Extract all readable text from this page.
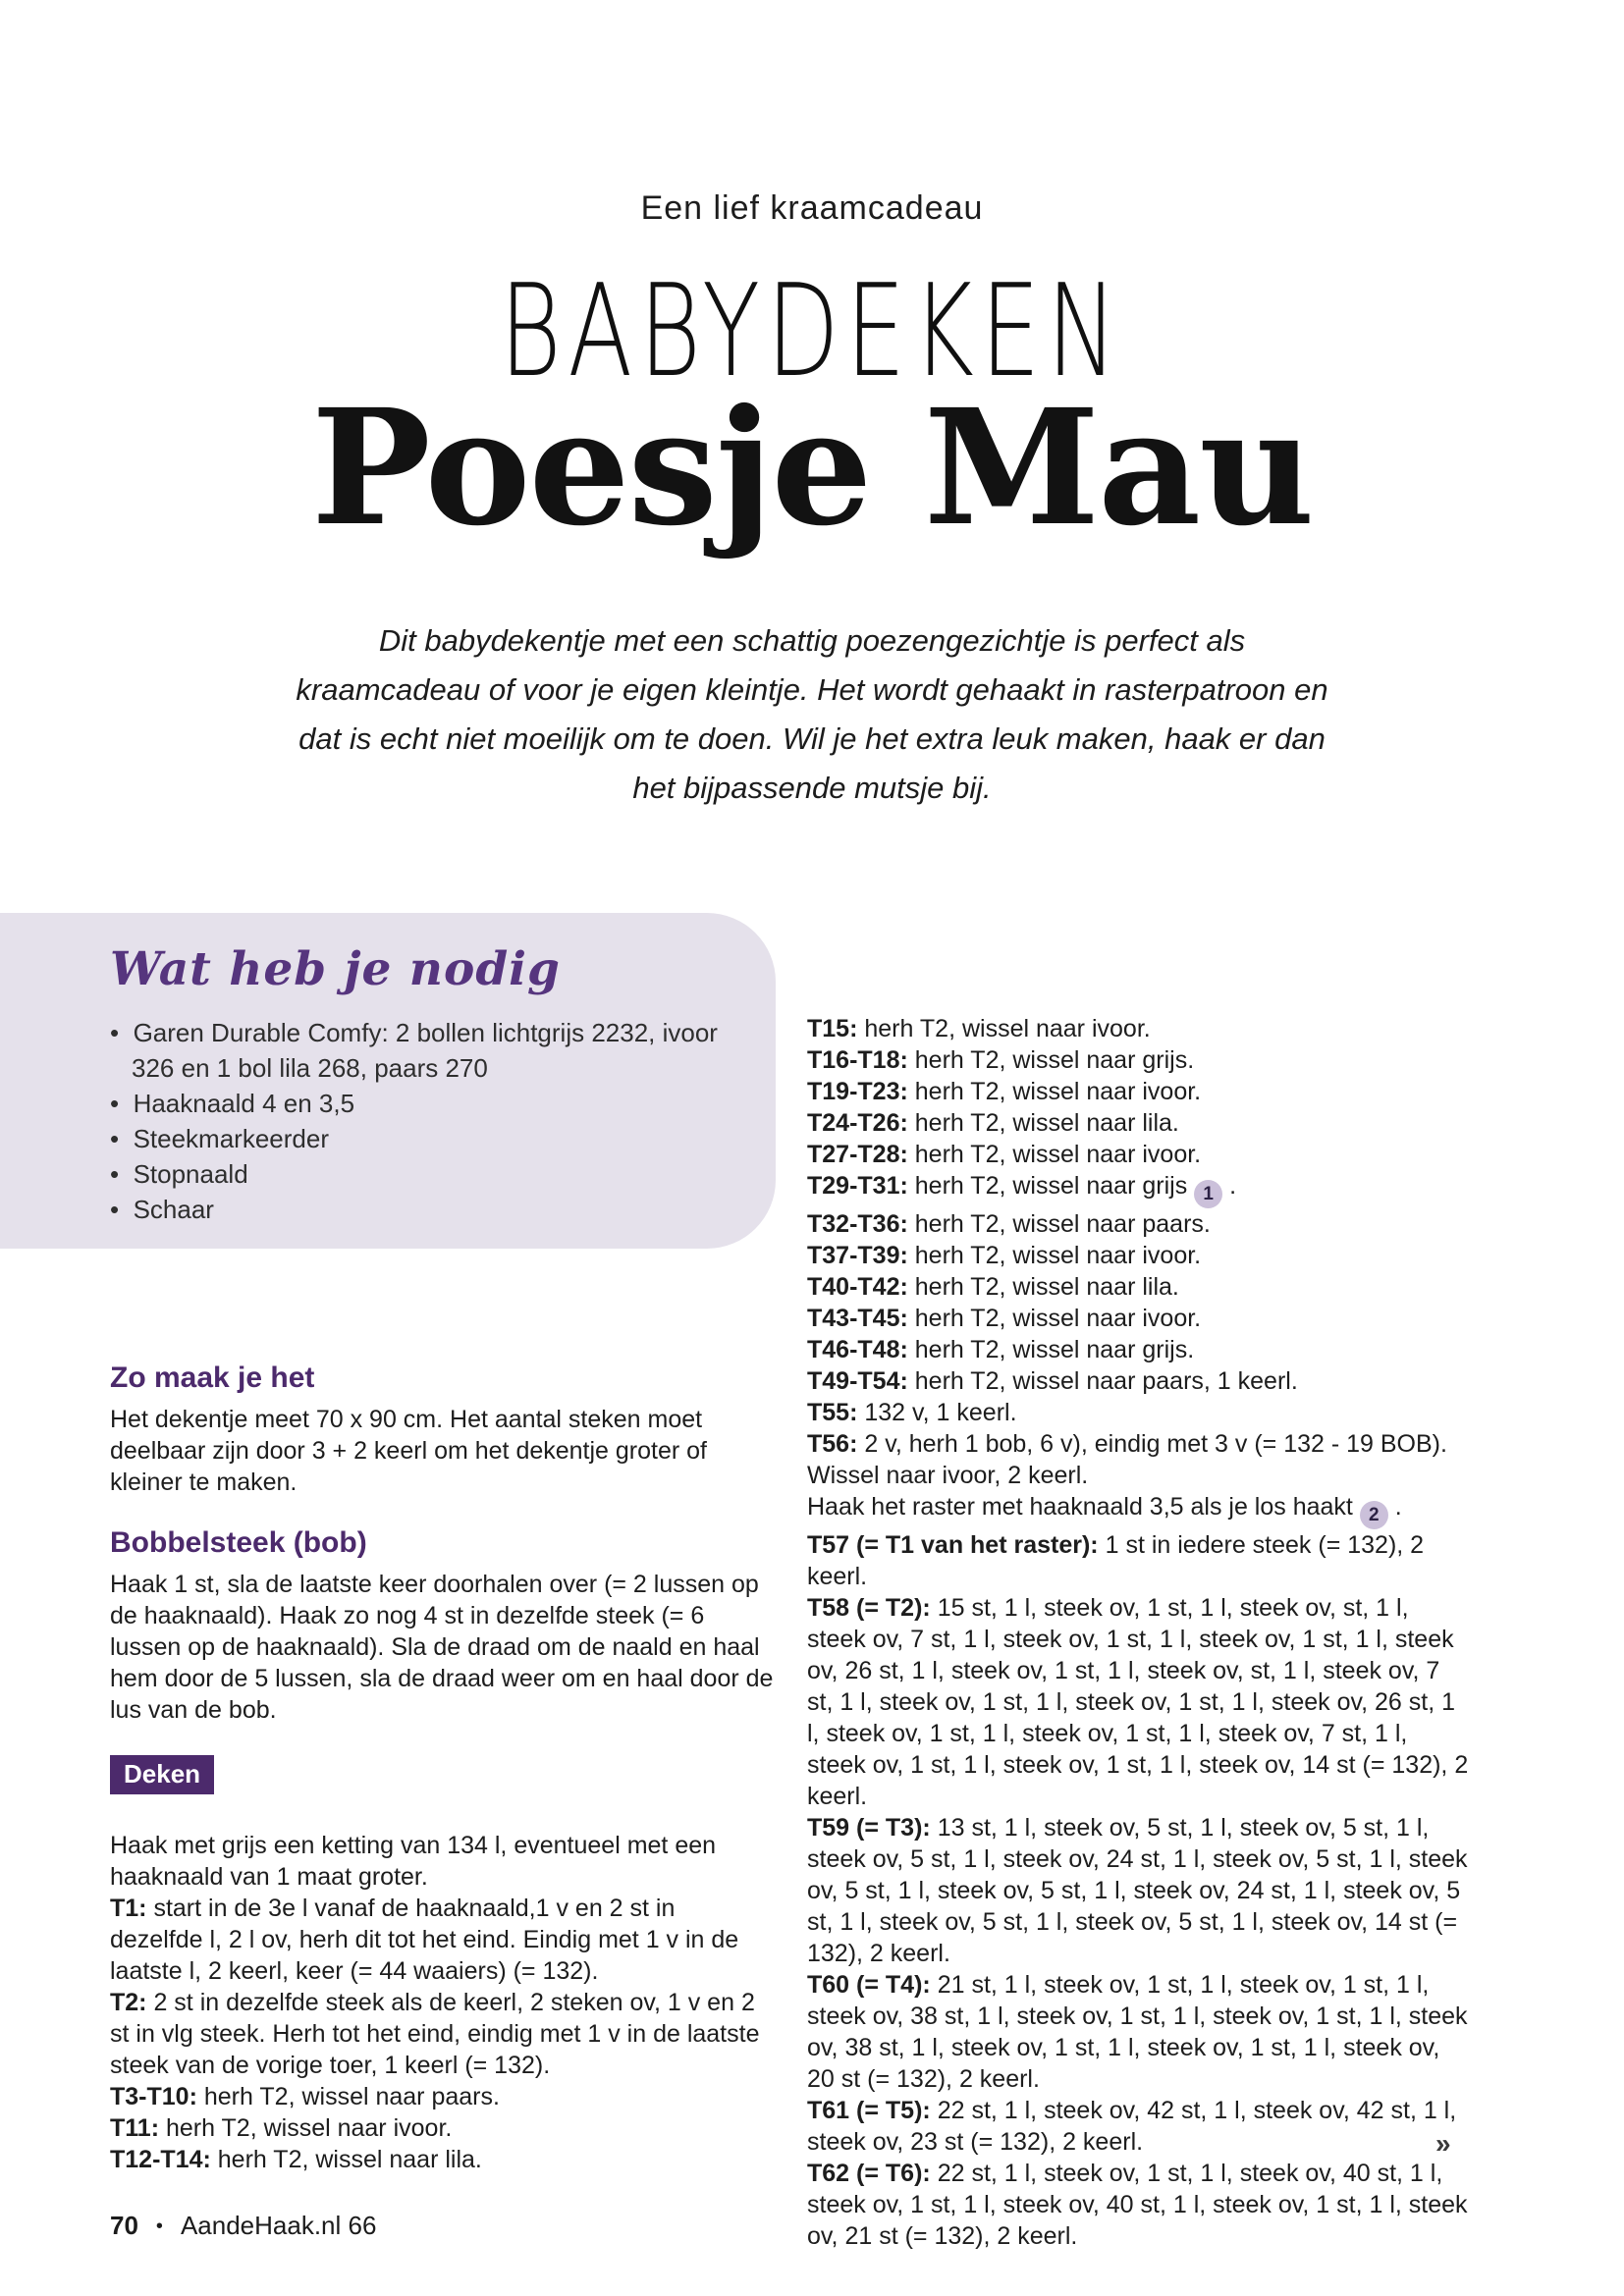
Een lief kraamcadeau
BABYDEKEN
Poesje Mau
Dit babydekentje met een schattig poezengezichtje is perfect als kraamcadeau of voor je eigen kleintje. Het wordt gehaakt in rasterpatroon en dat is echt niet moeilijk om te doen. Wil je het extra leuk maken, haak er dan het bijpassende mutsje bij.
Wat heb je nodig
•  Garen Durable Comfy: 2 bollen lichtgrijs 2232, ivoor 326 en 1 bol lila 268, paars 270
•  Haaknaald 4 en 3,5
•  Steekmarkeerder
•  Stopnaald
•  Schaar
Zo maak je het

Het dekentje meet 70 x 90 cm. Het aantal steken moet deelbaar zijn door 3 + 2 keerl om het dekentje groter of kleiner te maken.

Bobbelsteek (bob)

Haak 1 st, sla de laatste keer doorhalen over (= 2 lussen op de haaknaald). Haak zo nog 4 st in dezelfde steek (= 6 lussen op de haaknaald). Sla de draad om de naald en haal hem door de 5 lussen, sla de draad weer om en haal door de lus van de bob.

Deken

Haak met grijs een ketting van 134 l, eventueel met een haaknaald van 1 maat groter.

T1: start in de 3e l vanaf de haaknaald,1 v en 2 st in dezelfde l, 2 l ov, herh dit tot het eind. Eindig met 1 v in de laatste l, 2 keerl, keer (= 44 waaiers) (= 132).

T2: 2 st in dezelfde steek als de keerl, 2 steken ov, 1 v en 2 st in vlg steek. Herh tot het eind, eindig met 1 v in de laatste steek van de vorige toer, 1 keerl (= 132).

T3-T10: herh T2, wissel naar paars.

T11: herh T2, wissel naar ivoor.

T12-T14: herh T2, wissel naar lila.

T15: herh T2, wissel naar ivoor.

T16-T18: herh T2, wissel naar grijs.

T19-T23: herh T2, wissel naar ivoor.

T24-T26: herh T2, wissel naar lila.

T27-T28: herh T2, wissel naar ivoor.

T29-T31: herh T2, wissel naar grijs 1 .

T32-T36: herh T2, wissel naar paars.

T37-T39: herh T2, wissel naar ivoor.

T40-T42: herh T2, wissel naar lila.

T43-T45: herh T2, wissel naar ivoor.

T46-T48: herh T2, wissel naar grijs.

T49-T54: herh T2, wissel naar paars, 1 keerl.

T55: 132 v, 1 keerl.

T56: 2 v, herh 1 bob, 6 v), eindig met 3 v (= 132 - 19 BOB). Wissel naar ivoor, 2 keerl.

Haak het raster met haaknaald 3,5 als je los haakt 2 .

T57 (= T1 van het raster): 1 st in iedere steek (= 132), 2 keerl.

T58 (= T2): 15 st, 1 l, steek ov, 1 st, 1 l, steek ov, st, 1 l, steek ov, 7 st, 1 l, steek ov, 1 st, 1 l, steek ov, 1 st, 1 l, steek ov, 26 st, 1 l, steek ov, 1 st, 1 l, steek ov, st, 1 l, steek ov, 7 st, 1 l, steek ov, 1 st, 1 l, steek ov, 1 st, 1 l, steek ov, 26 st, 1 l, steek ov, 1 st, 1 l, steek ov, 1 st, 1 l, steek ov, 7 st, 1 l, steek ov, 1 st, 1 l, steek ov, 1 st, 1 l, steek ov, 14 st (= 132), 2 keerl.

T59 (= T3): 13 st, 1 l, steek ov, 5 st, 1 l, steek ov, 5 st, 1 l, steek ov, 5 st, 1 l, steek ov, 24 st, 1 l, steek ov, 5 st, 1 l, steek ov, 5 st, 1 l, steek ov, 5 st, 1 l, steek ov, 24 st, 1 l, steek ov, 5 st, 1 l, steek ov, 5 st, 1 l, steek ov, 5 st, 1 l, steek ov, 14 st (= 132), 2 keerl.

T60 (= T4): 21 st, 1 l, steek ov, 1 st, 1 l, steek ov, 1 st, 1 l, steek ov, 38 st, 1 l, steek ov, 1 st, 1 l, steek ov, 1 st, 1 l, steek ov, 38 st, 1 l, steek ov, 1 st, 1 l, steek ov, 1 st, 1 l, steek ov, 20 st (= 132), 2 keerl.

T61 (= T5): 22 st, 1 l, steek ov, 42 st, 1 l, steek ov, 42 st, 1 l, steek ov, 23 st (= 132), 2 keerl.

T62 (= T6): 22 st, 1 l, steek ov, 1 st, 1 l, steek ov, 40 st, 1 l, steek ov, 1 st, 1 l, steek ov, 40 st, 1 l, steek ov, 1 st, 1 l, steek ov, 21 st (= 132), 2 keerl.

»
70 • AandeHaak.nl 66
